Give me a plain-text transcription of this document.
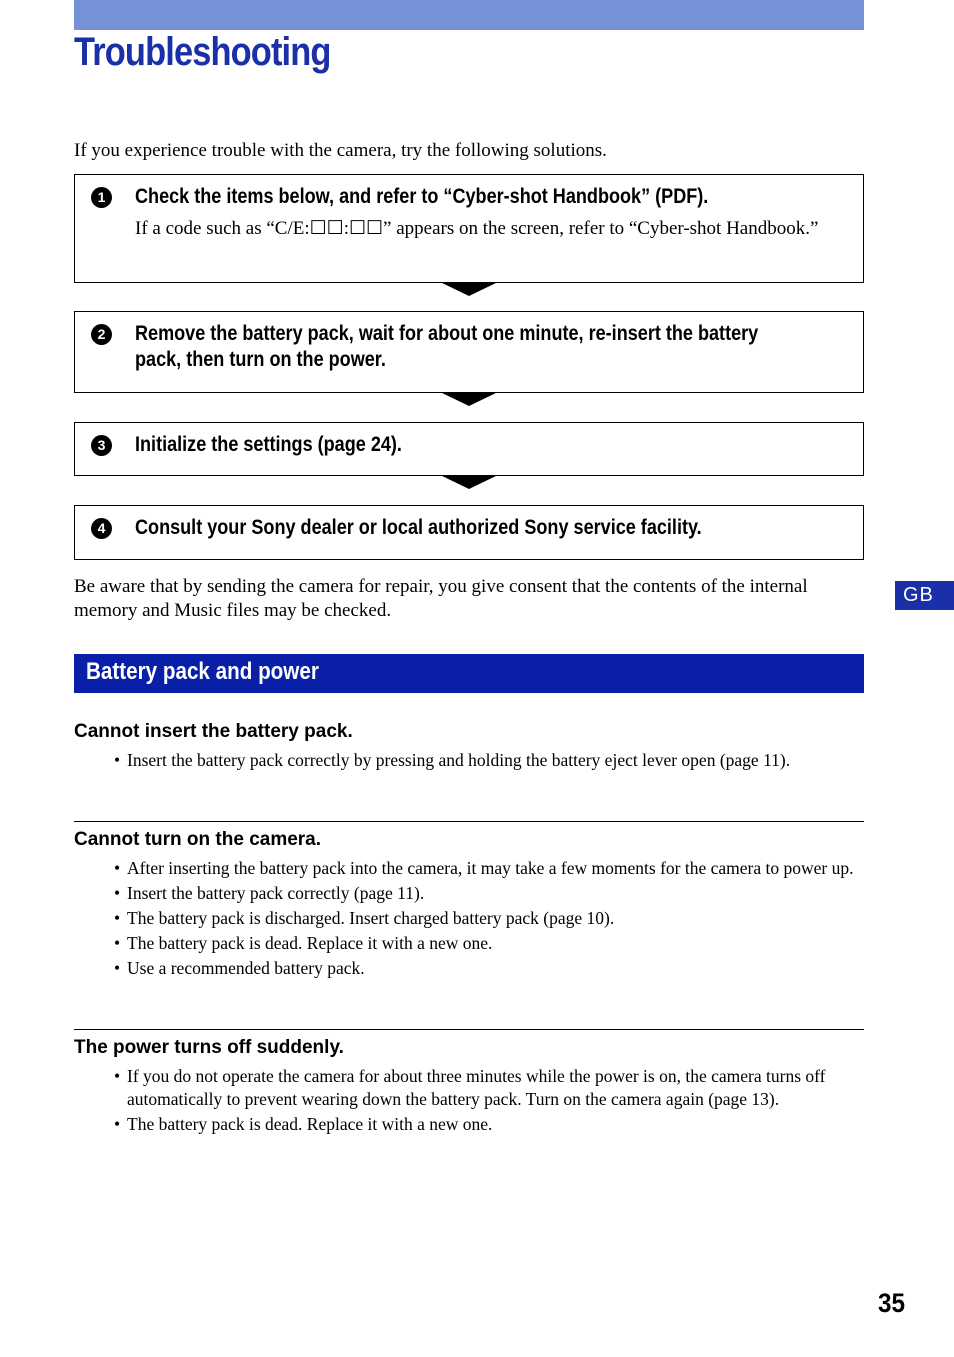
Troubleshooting
If you experience trouble with the camera, try the following solutions.
1	Check the items below, and refer to “Cyber-shot Handbook” (PDF).
If a code such as “C/E:☐☐:☐☐” appears on the screen, refer to “Cyber-shot Handbook.”
2	Remove the battery pack, wait for about one minute, re-insert the battery
pack, then turn on the power.
3	Initialize the settings (page 24).
4	Consult your Sony dealer or local authorized Sony service facility.
Be aware that by sending the camera for repair, you give consent that the contents of the internal memory and Music files may be checked.
Battery pack and power
Cannot insert the battery pack.
• Insert the battery pack correctly by pressing and holding the battery eject lever open (page 11).
Cannot turn on the camera.
• After inserting the battery pack into the camera, it may take a few moments for the camera to power up.
• Insert the battery pack correctly (page 11).
• The battery pack is discharged. Insert charged battery pack (page 10).
• The battery pack is dead. Replace it with a new one.
• Use a recommended battery pack.
The power turns off suddenly.
• If you do not operate the camera for about three minutes while the power is on, the camera turns off automatically to prevent wearing down the battery pack. Turn on the camera again (page 13).
• The battery pack is dead. Replace it with a new one.
GB
35
